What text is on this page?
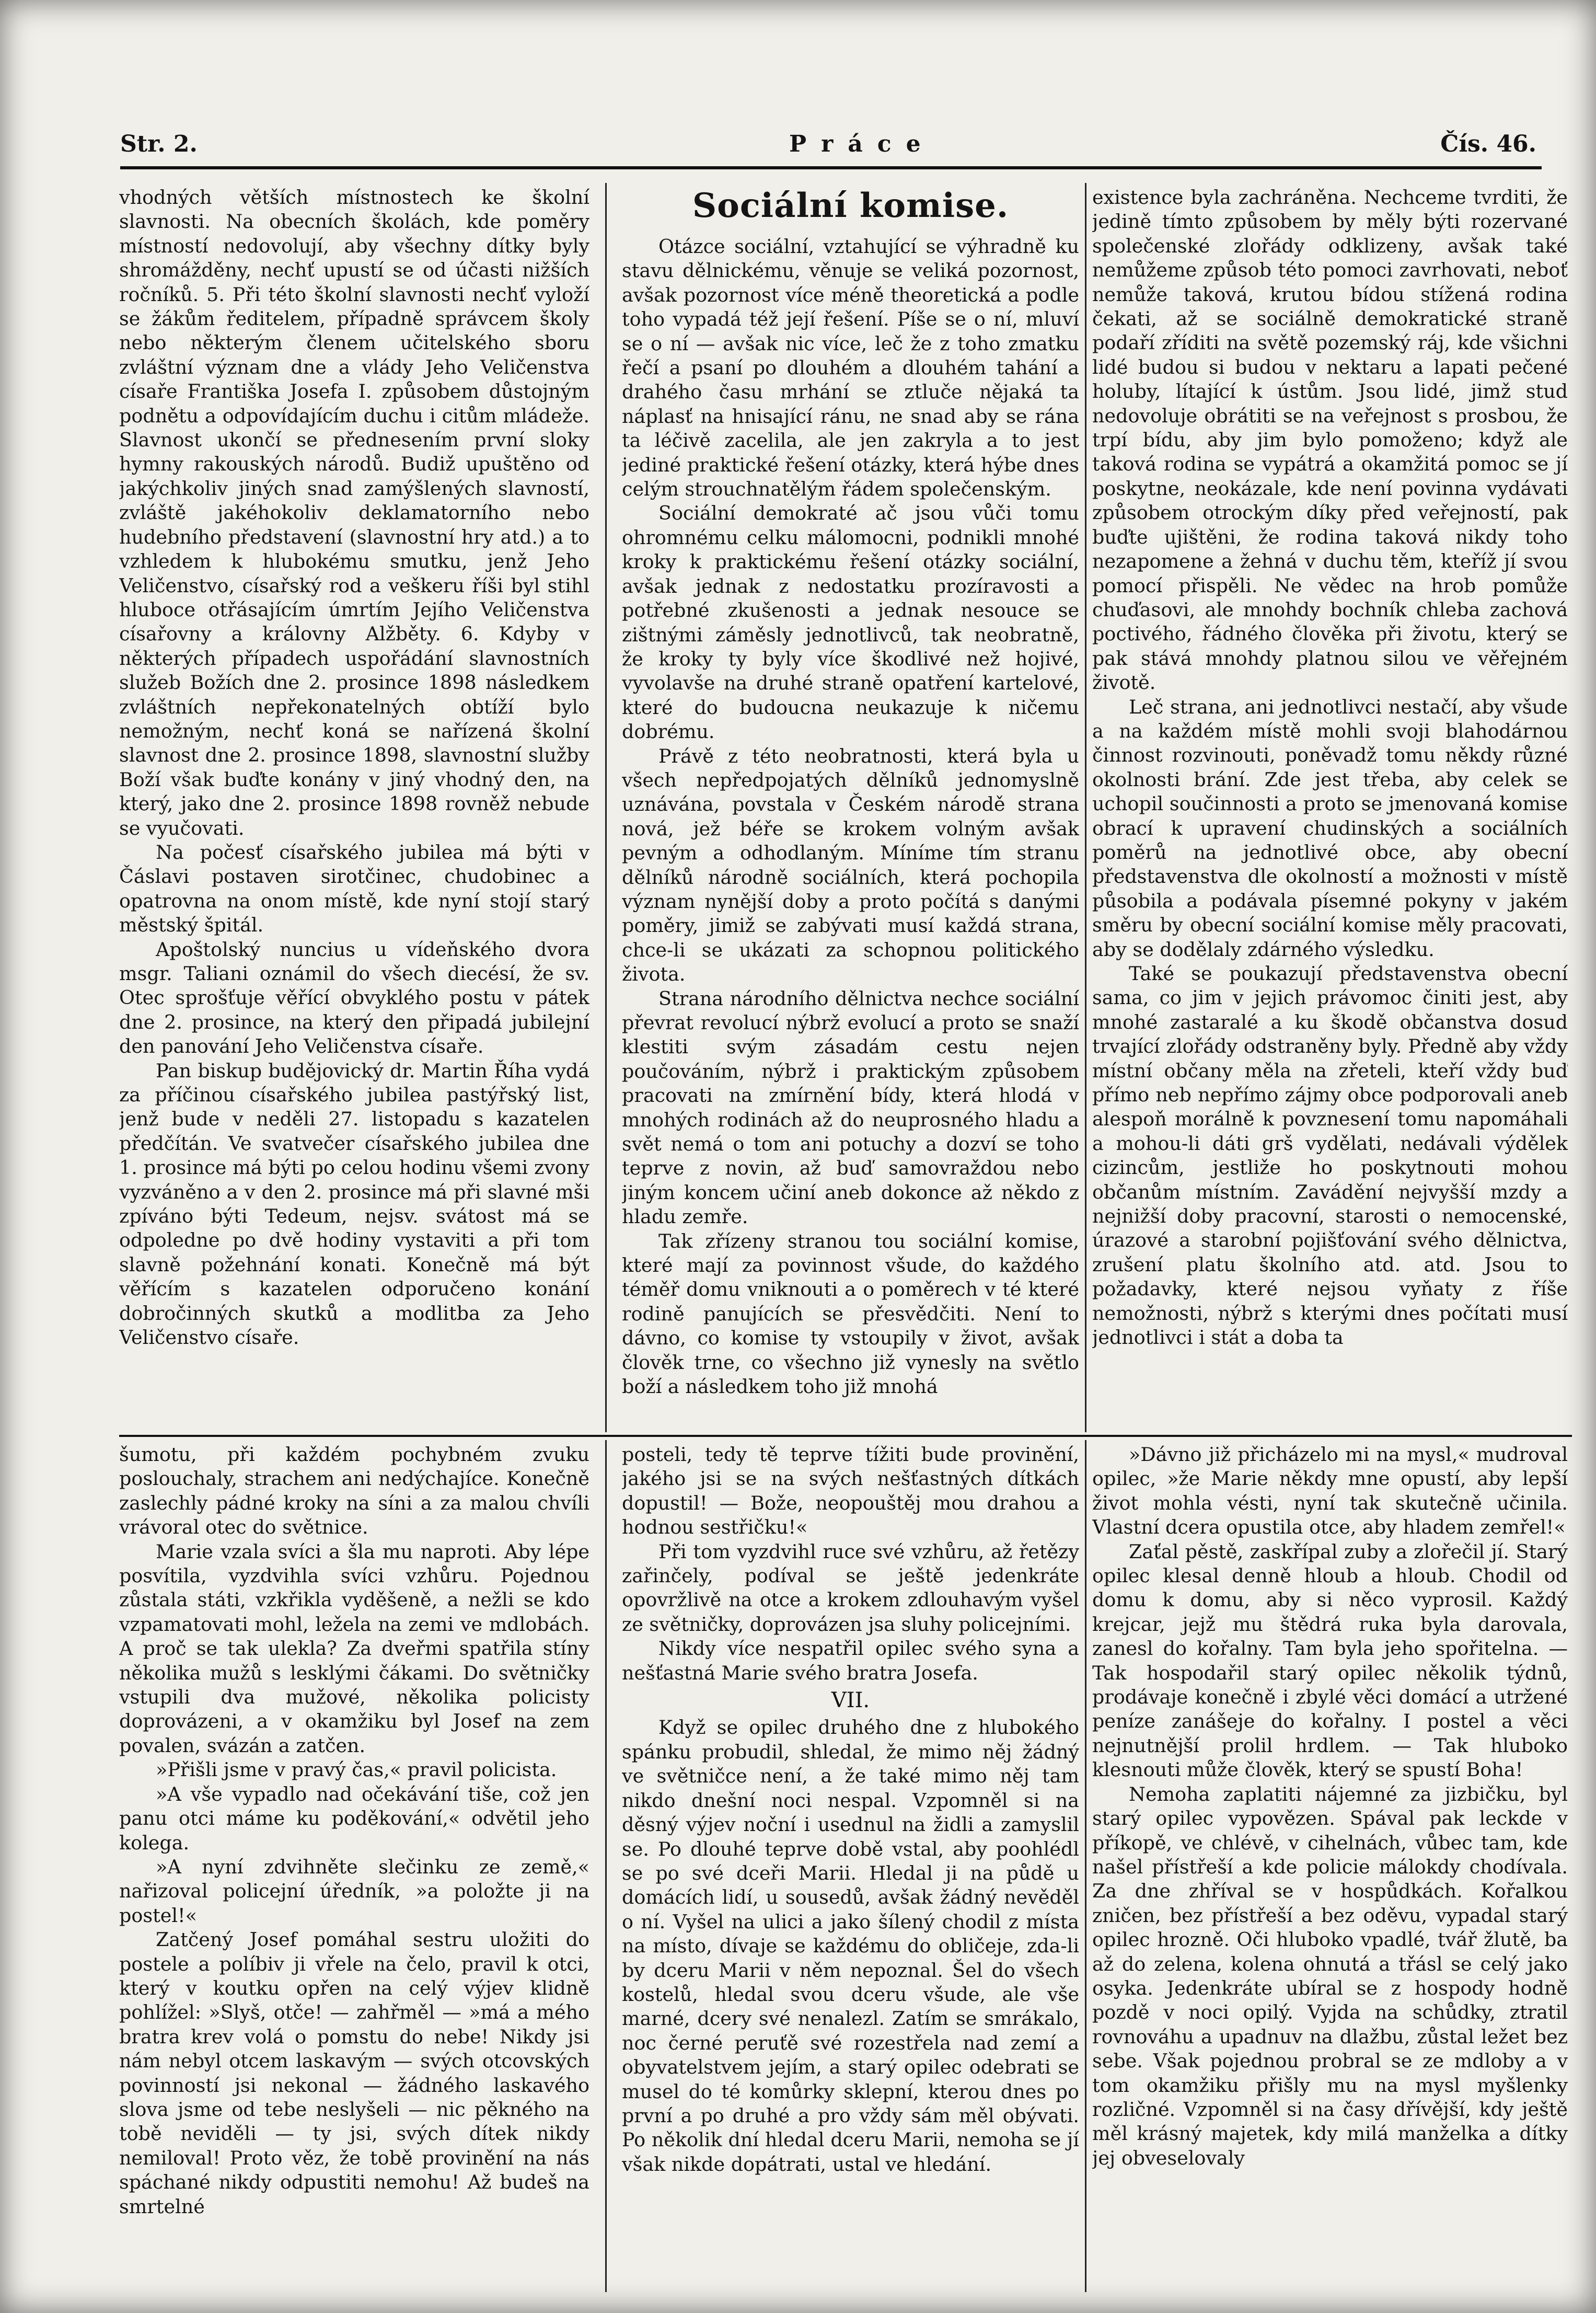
Str. 2.	Práce	Čís. 46.

vhodných větších místnostech ke školní slavnosti. Na obecních školách, kde poměry místností nedovolují, aby všechny dítky byly shromážděny, nechť upustí se od účasti nižších ročníků. 5. Při této školní slavnosti nechť vyloží se žákům ředitelem, případně správcem školy nebo některým členem učitelského sboru zvláštní význam dne a vlády Jeho Veličenstva císaře Františka Josefa I. způsobem důstojným podnětu a odpovídajícím duchu i citům mládeže. Slavnost ukončí se přednesením první sloky hymny rakouských národů. Budiž upuštěno od jakýchkoliv jiných snad zamýšlených slavností, zvláště jakéhokoliv deklamatorního nebo hudebního představení (slavnostní hry atd.) a to vzhledem k hlubokému smutku, jenž Jeho Veličenstvo, císařský rod a veškeru říši byl stihl hluboce otřásajícím úmrtím Jejího Veličenstva císařovny a královny Alžběty. 6. Kdyby v některých případech uspořádání slavnostních služeb Božích dne 2. prosince 1898 následkem zvláštních nepřekonatelných obtíží bylo nemožným, nechť koná se nařízená školní slavnost dne 2. prosince 1898, slavnostní služby Boží však buďte konány v jiný vhodný den, na který, jako dne 2. prosince 1898 rovněž nebude se vyučovati.

Na počesť císařského jubilea má býti v Čáslavi postaven sirotčinec, chudobinec a opatrovna na onom místě, kde nyní stojí starý městský špitál.

Apoštolský nuncius u vídeňského dvora msgr. Taliani oznámil do všech diecésí, že sv. Otec sprošťuje věřící obvyklého postu v pátek dne 2. prosince, na který den připadá jubilejní den panování Jeho Veličenstva císaře.

Pan biskup budějovický dr. Martin Říha vydá za příčinou císařského jubilea pastýřský list, jenž bude v neděli 27. listopadu s kazatelen předčítán. Ve svatvečer císařského jubilea dne 1. prosince má býti po celou hodinu všemi zvony vyzváněno a v den 2. prosince má při slavné mši zpíváno býti Tedeum, nejsv. svátost má se odpoledne po dvě hodiny vystaviti a při tom slavně požehnání konati. Konečně má být věřícím s kazatelen odporučeno konání dobročinných skutků a modlitba za Jeho Veličenstvo císaře.

Sociální komise.

Otázce sociální, vztahující se výhradně ku stavu dělnickému, věnuje se veliká pozornost, avšak pozornost více méně theoretická a podle toho vypadá též její řešení. Píše se o ní, mluví se o ní — avšak nic více, leč že z toho zmatku řečí a psaní po dlouhém a dlouhém tahání a drahého času mrhání se ztluče nějaká ta náplasť na hnisající ránu, ne snad aby se rána ta léčivě zacelila, ale jen zakryla a to jest jediné praktické řešení otázky, která hýbe dnes celým strouchnatělým řádem společenským.

Sociální demokraté ač jsou vůči tomu ohromnému celku málomocni, podnikli mnohé kroky k praktickému řešení otázky sociální, avšak jednak z nedostatku prozíravosti a potřebné zkušenosti a jednak nesouce se zištnými záměsly jednotlivců, tak neobratně, že kroky ty byly více škodlivé než hojivé, vyvolavše na druhé straně opatření kartelové, které do budoucna neukazuje k ničemu dobrému.

Právě z této neobratnosti, která byla u všech nepředpojatých dělníků jednomyslně uznávána, povstala v Českém národě strana nová, jež béře se krokem volným avšak pevným a odhodlaným. Míníme tím stranu dělníků národně sociálních, která pochopila význam nynější doby a proto počítá s danými poměry, jimiž se zabývati musí každá strana, chce-li se ukázati za schopnou politického života.

Strana národního dělnictva nechce sociální převrat revolucí nýbrž evolucí a proto se snaží klestiti svým zásadám cestu nejen poučováním, nýbrž i praktickým způsobem pracovati na zmírnění bídy, která hlodá v mnohých rodinách až do neuprosného hladu a svět nemá o tom ani potuchy a dozví se toho teprve z novin, až buď samovraždou nebo jiným koncem učiní aneb dokonce až někdo z hladu zemře.

Tak zřízeny stranou tou sociální komise, které mají za povinnost všude, do každého téměř domu vniknouti a o poměrech v té které rodině panujících se přesvědčiti. Není to dávno, co komise ty vstoupily v život, avšak člověk trne, co všechno již vynesly na světlo boží a následkem toho již mnohá

existence byla zachráněna. Nechceme tvrditi, že jedině tímto způsobem by měly býti rozervané společenské zlořády odklizeny, avšak také nemůžeme způsob této pomoci zavrhovati, neboť nemůže taková, krutou bídou stížená rodina čekati, až se sociálně demokratické straně podaří zříditi na světě pozemský ráj, kde všichni lidé budou si budou v nektaru a lapati pečené holuby, lítající k ústům. Jsou lidé, jimž stud nedovoluje obrátiti se na veřejnost s prosbou, že trpí bídu, aby jim bylo pomoženo; když ale taková rodina se vypátrá a okamžitá pomoc se jí poskytne, neokázale, kde není povinna vydávati způsobem otrockým díky před veřejností, pak buďte ujištěni, že rodina taková nikdy toho nezapomene a žehná v duchu těm, kteříž jí svou pomocí přispěli. Ne vědec na hrob pomůže chuďasovi, ale mnohdy bochník chleba zachová poctivého, řádného člověka při životu, který se pak stává mnohdy platnou silou ve věřejném životě.

Leč strana, ani jednotlivci nestačí, aby všude a na každém místě mohli svoji blahodárnou činnost rozvinouti, poněvadž tomu někdy různé okolnosti brání. Zde jest třeba, aby celek se uchopil součinnosti a proto se jmenovaná komise obrací k upravení chudinských a sociálních poměrů na jednotlivé obce, aby obecní představenstva dle okolností a možnosti v místě působila a podávala písemné pokyny v jakém směru by obecní sociální komise měly pracovati, aby se dodělaly zdárného výsledku.

Také se poukazují představenstva obecní sama, co jim v jejich právomoc činiti jest, aby mnohé zastaralé a ku škodě občanstva dosud trvající zlořády odstraněny byly. Předně aby vždy místní občany měla na zřeteli, kteří vždy buď přímo neb nepřímo zájmy obce podporovali aneb alespoň morálně k povznesení tomu napomáhali a mohou-li dáti grš vydělati, nedávali výdělek cizincům, jestliže ho poskytnouti mohou občanům místním. Zavádění nejvyšší mzdy a nejnižší doby pracovní, starosti o nemocenské, úrazové a starobní pojišťování svého dělnictva, zrušení platu školního atd. atd. Jsou to požadavky, které nejsou vyňaty z říše nemožnosti, nýbrž s kterými dnes počítati musí jednotlivci i stát a doba ta

šumotu, při každém pochybném zvuku poslouchaly, strachem ani nedýchajíce. Konečně zaslechly pádné kroky na síni a za malou chvíli vrávoral otec do světnice.

Marie vzala svíci a šla mu naproti. Aby lépe posvítila, vyzdvihla svíci vzhůru. Pojednou zůstala státi, vzkřikla vyděšeně, a nežli se kdo vzpamatovati mohl, ležela na zemi ve mdlobách. A proč se tak ulekla? Za dveřmi spatřila stíny několika mužů s lesklými čákami. Do světničky vstupili dva mužové, několika policisty doprovázeni, a v okamžiku byl Josef na zem povalen, svázán a zatčen.

»Přišli jsme v pravý čas,« pravil policista.

»A vše vypadlo nad očekávání tiše, což jen panu otci máme ku poděkování,« odvětil jeho kolega.

»A nyní zdvihněte slečinku ze země,« nařizoval policejní úředník, »a položte ji na postel!«

Zatčený Josef pomáhal sestru uložiti do postele a políbiv ji vřele na čelo, pravil k otci, který v koutku opřen na celý výjev klidně pohlížel: »Slyš, otče! — zahřměl — »má a mého bratra krev volá o pomstu do nebe! Nikdy jsi nám nebyl otcem laskavým — svých otcovských povinností jsi nekonal — žádného laskavého slova jsme od tebe neslyšeli — nic pěkného na tobě neviděli — ty jsi, svých dítek nikdy nemiloval! Proto věz, že tobě provinění na nás spáchané nikdy odpustiti nemohu! Až budeš na smrtelné

posteli, tedy tě teprve tížiti bude provinění, jakého jsi se na svých nešťastných dítkách dopustil! — Bože, neopouštěj mou drahou a hodnou sestřičku!«

Při tom vyzdvihl ruce své vzhůru, až řetězy zařinčely, podíval se ještě jedenkráte opovržlivě na otce a krokem zdlouhavým vyšel ze světničky, doprovázen jsa sluhy policejními.

Nikdy více nespatřil opilec svého syna a nešťastná Marie svého bratra Josefa.

VII.

Když se opilec druhého dne z hlubokého spánku probudil, shledal, že mimo něj žádný ve světničce není, a že také mimo něj tam nikdo dnešní noci nespal. Vzpomněl si na děsný výjev noční i usednul na židli a zamyslil se. Po dlouhé teprve době vstal, aby poohlédl se po své dceři Marii. Hledal ji na půdě u domácích lidí, u sousedů, avšak žádný nevěděl o ní. Vyšel na ulici a jako šílený chodil z místa na místo, dívaje se každému do obličeje, zda-li by dceru Marii v něm nepoznal. Šel do všech kostelů, hledal svou dceru všude, ale vše marné, dcery své nenalezl. Zatím se smrákalo, noc černé peruťě své rozestřela nad zemí a obyvatelstvem jejím, a starý opilec odebrati se musel do té komůrky sklepní, kterou dnes po první a po druhé a pro vždy sám měl obývati. Po několik dní hledal dceru Marii, nemoha se jí však nikde dopátrati, ustal ve hledání.

»Dávno již přicházelo mi na mysl,« mudroval opilec, »že Marie někdy mne opustí, aby lepší život mohla vésti, nyní tak skutečně učinila. Vlastní dcera opustila otce, aby hladem zemřel!«

Zaťal pěstě, zaskřípal zuby a zlořečil jí. Starý opilec klesal denně hloub a hloub. Chodil od domu k domu, aby si něco vyprosil. Každý krejcar, jejž mu štědrá ruka byla darovala, zanesl do kořalny. Tam byla jeho spořitelna. — Tak hospodařil starý opilec několik týdnů, prodávaje konečně i zbylé věci domácí a utržené peníze zanášeje do kořalny. I postel a věci nejnutnější prolil hrdlem. — Tak hluboko klesnouti může člověk, který se spustí Boha!

Nemoha zaplatiti nájemné za jizbičku, byl starý opilec vypovězen. Spával pak leckde v příkopě, ve chlévě, v cihelnách, vůbec tam, kde našel přístřeší a kde policie málokdy chodívala. Za dne zhříval se v hospůdkách. Kořalkou zničen, bez přístřeší a bez oděvu, vypadal starý opilec hrozně. Oči hluboko vpadlé, tvář žlutě, ba až do zelena, kolena ohnutá a třásl se celý jako osyka. Jedenkráte ubíral se z hospody hodně pozdě v noci opilý. Vyjda na schůdky, ztratil rovnováhu a upadnuv na dlažbu, zůstal ležet bez sebe. Však pojednou probral se ze mdloby a v tom okamžiku přišly mu na mysl myšlenky rozličné. Vzpomněl si na časy dřívější, kdy ještě měl krásný majetek, kdy milá manželka a dítky jej obveselovaly
